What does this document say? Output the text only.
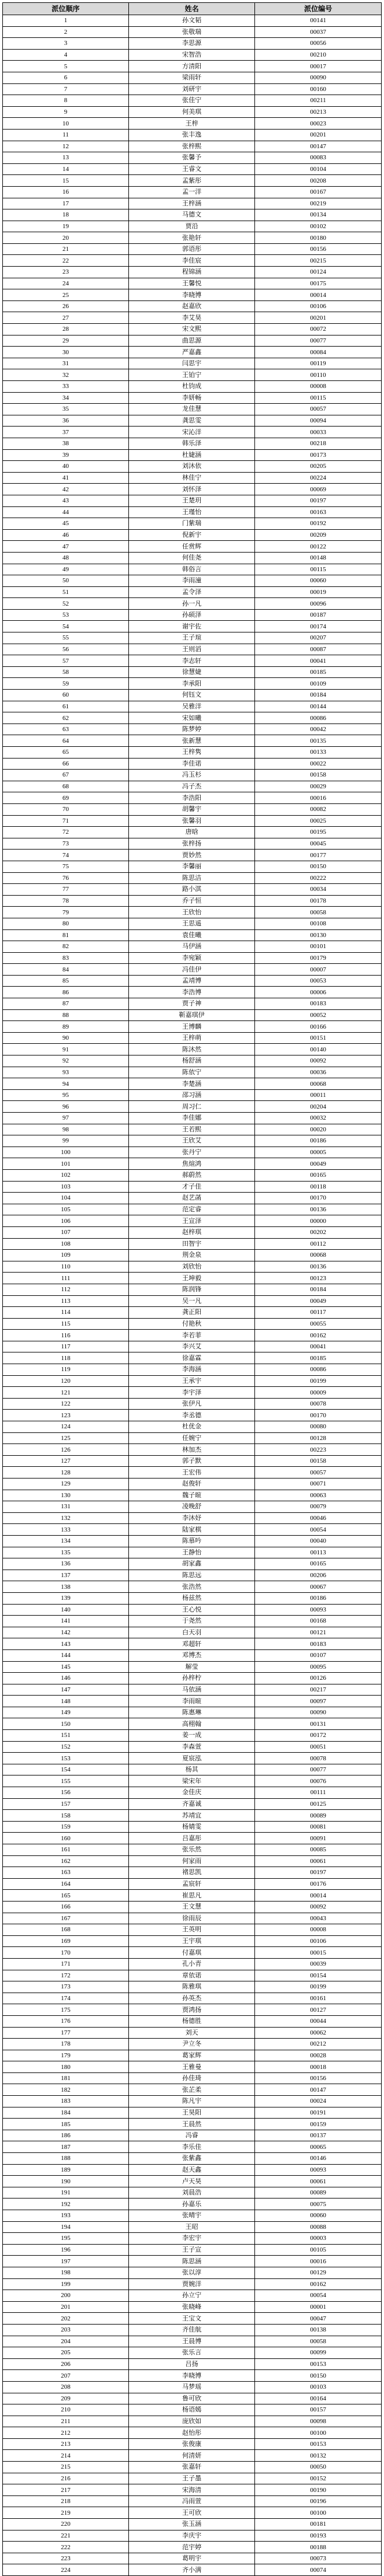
派位顺序	姓名	派位编号
1	孙文韬	00141
2	张敬瑞	00037
3	李思源	00056
4	宋智浩	00210
5	方清阳	00017
6	梁雨轩	00090
7	刘研宇	00160
8	张佳宁	00211
9	何美琪	00213
10	王梓	00023
11	张丰逸	00201
12	张梓熙	00147
13	张馨予	00083
14	王睿文	00104
15	孟紫彤	00208
16	孟一洋	00167
17	王梓涵	00219
18	马德文	00134
19	贾沿	00102
20	张艳轩	00180
21	郭语彤	00156
22	李佳宸	00215
23	程锦涵	00124
24	王馨悦	00175
25	李晓博	00014
26	赵嘉欣	00106
27	李艾昊	00201
28	宋文熙	00072
29	曲思源	00077
30	严嘉鑫	00084
31	闫思宇	00119
32	王铂宁	00110
33	杜钧成	00008
34	李妍畅	00115
35	龙佳慧	00057
36	龚思雯	00094
37	宋沁洋	00033
38	韩乐泽	00218
39	杜婕涵	00173
40	刘沐依	00205
41	林佳宁	00224
42	刘怀泽	00069
43	王楚玥	00197
44	王瑾怡	00163
45	门紫瑞	00192
46	倪新宇	00209
47	任赏辉	00122
48	何佳尧	00148
49	韩俗言	00115
50	李雨潼	00060
51	孟令泽	00019
52	孙一凡	00096
53	孙硕泽	00187
54	谢宇佐	00174
55	王子瑄	00207
56	王则滔	00087
57	李志轩	00041
58	徐慧婕	00185
59	李承阳	00109
60	何钰文	00184
61	吴雅洋	00144
62	宋如曦	00086
63	陈梦婷	00042
64	张新慧	00135
65	王梓隽	00133
66	李佳诺	00022
67	冯玉杉	00158
68	冯子杰	00029
69	李浩阳	00016
70	胡馨宇	00082
71	张馨羽	00025
72	唐晗	00195
73	张梓扬	00045
74	贾妙然	00177
75	李馨丽	00150
76	陈思洁	00222
77	路小淇	00034
78	乔子恒	00178
79	王欣怡	00058
80	王思遥	00108
81	袁佳曦	00130
82	马伊涵	00101
83	李宛颖	00179
84	冯佳伊	00007
85	孟靖博	00053
86	李浩博	00006
87	贾子神	00183
88	靳嘉琪伊	00052
89	王博麟	00166
90	王梓萌	00151
91	陈沐然	00140
92	杨舒涵	00092
93	陈依宁	00036
94	李楚涵	00068
95	邵习涵	00011
96	周习仁	00204
97	李佳娜	00032
98	王若熙	00020
99	王欣艾	00186
100	张丹宁	00005
101	焦煊鸿	00049
102	郝蔚然	00165
103	才子佳	00118
104	赵艺菡	00170
105	范定睿	00136
106	王宣泽	00000
107	赵梓琪	00202
108	田智宇	00112
109	荆金泉	00068
110	刘欣怡	00136
111	王坤毅	00123
112	陈润锋	00184
113	吴一凡	00049
114	龚正阳	00117
115	付艳秋	00055
116	李若菲	00162
117	李兴艾	00041
118	徐嘉霖	00185
119	李海涵	00086
120	王承宇	00199
121	李宇泽	00009
122	张伊凡	00078
123	李丞德	00170
124	杜优金	00080
125	任婉宁	00128
126	林加杰	00223
127	郭子默	00158
128	王宏伟	00057
129	赵俊轩	00071
130	魏子暄	00063
131	凌晚舒	00079
132	李沐妤	00046
133	陆家棋	00054
134	陈慕吟	00040
135	王静怡	00113
136	胡家鑫	00165
137	陈思远	00206
138	张浩然	00067
139	杨兹然	00186
140	王心悦	00093
141	于尧然	00168
142	白天羽	00121
143	邓超轩	00183
144	邓博杰	00107
145	解莹	00095
146	孙梓柠	00126
147	马依涵	00217
148	李雨暄	00097
149	陈惠琳	00090
150	高栩翰	00131
151	姜一成	00172
152	李森萱	00051
153	夏宸泓	00078
154	杨其	00077
155	梁宋年	00076
156	金佳庆	00111
157	齐嘉诚	00125
158	苏靖宜	00089
159	杨婧雯	00081
160	吕嘉彤	00091
161	张乐然	00085
162	何家雨	00061
163	褚思凯	00197
164	孟宸轩	00176
165	崔思凡	00014
166	王文慧	00092
167	徐雨辰	00043
168	王英明	00008
169	王宇琪	00106
170	付嘉琪	00015
171	孔小青	00039
172	章依诺	00154
173	陈雅琪	00199
174	孙英杰	00161
175	贾鸿扬	00127
176	杨德胜	00044
177	刘天	00062
178	尹立冬	00212
179	葛家辉	00028
180	王雅曼	00018
181	孙佳琦	00156
182	张芷柔	00147
183	陈凡宇	00024
184	王昊阳	00191
185	王晨然	00159
186	冯睿	00137
187	李乐佳	00065
188	张紫鑫	00146
189	赵天鑫	00093
190	卢天昊	00061
191	刘晨浩	00089
192	孙嘉乐	00075
193	张晴宇	00060
194	王昭	00088
195	李宏宇	00003
196	王子宣	00105
197	陈思涵	00016
198	张以淳	00129
199	贾婉洋	00162
200	孙立宁	00054
201	张晓峰	00001
202	王宝文	00047
203	齐佳航	00138
204	王晨博	00058
205	张乐言	00099
206	吕扬	00153
207	李晓博	00150
208	马梦瑶	00103
209	鲁可欣	00164
210	杨语嫣	00157
211	庞欣如	00098
212	赵怡彤	00100
213	张俊康	00153
214	何清妍	00132
215	张嘉轩	00050
216	王子墨	00152
217	宋海清	00190
218	冯雨萱	00196
219	王可欣	00100
220	张玉涵	00181
221	李庆宇	00193
222	范宇婷	00188
223	葛明宇	00073
224	齐小满	00074
